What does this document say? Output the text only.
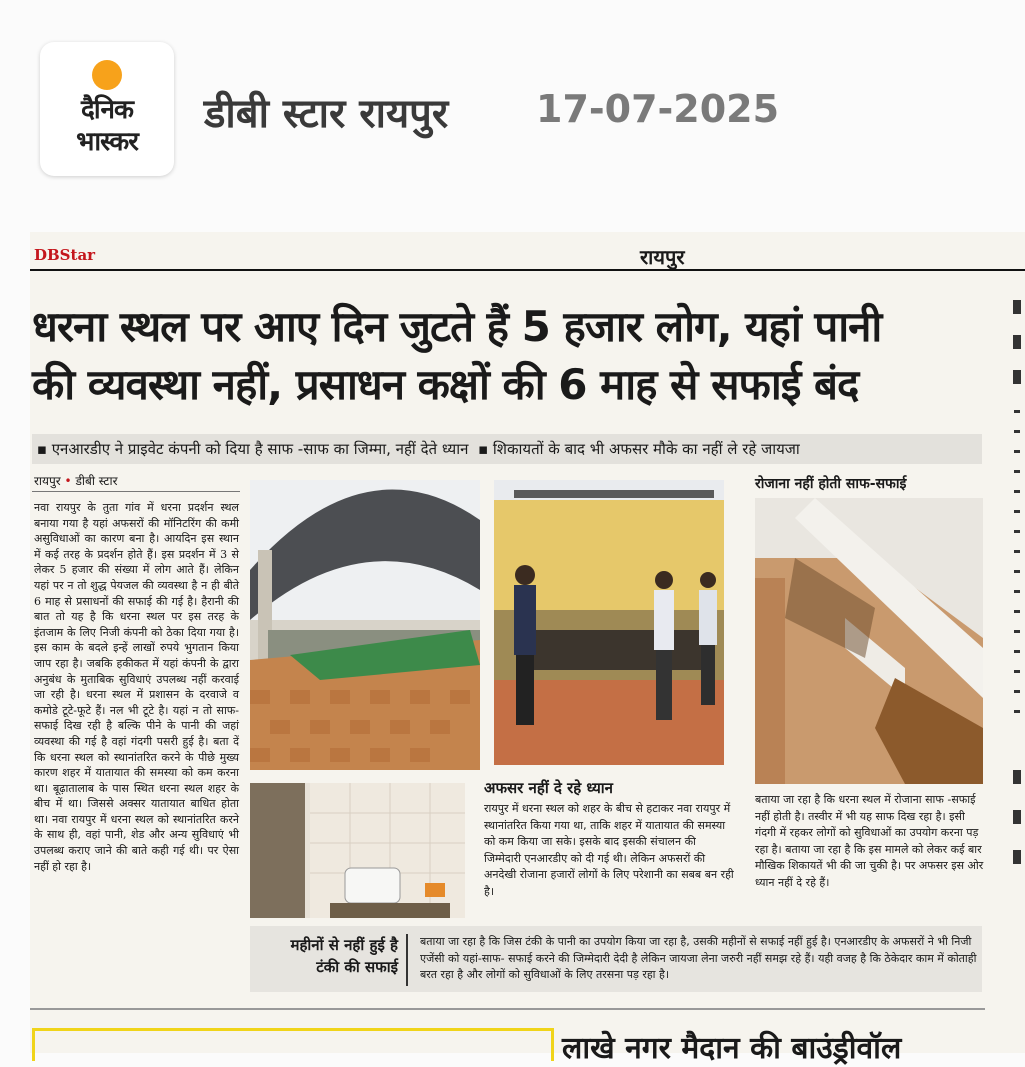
दैनिक
भास्कर
डीबी स्टार रायपुर 17-07-2025
DBStar	रायपुर
धरना स्थल पर आए दिन जुटते हैं 5 हजार लोग, यहां पानी
की व्यवस्था नहीं, प्रसाधन कक्षों की 6 माह से सफाई बंद
▪ एनआरडीए ने प्राइवेट कंपनी को दिया है साफ -साफ का जिम्मा, नहीं देते ध्यान  ▪ शिकायतों के बाद भी अफसर मौके का नहीं ले रहे जायजा
रायपुर • डीबी स्टार
नवा रायपुर के तुता गांव में धरना प्रदर्शन स्थल बनाया गया है यहां अफसरों की मॉनिटरिंग की कमी असुविधाओं का कारण बना है। आयदिन इस स्थान में कई तरह के प्रदर्शन होते हैं। इस प्रदर्शन में 3 से लेकर 5 हजार की संख्या में लोग आते हैं। लेकिन यहां पर न तो शुद्ध पेयजल की व्यवस्था है न ही बीते 6 माह से प्रसाधनों की सफाई की गई है। हैरानी की बात तो यह है कि धरना स्थल पर इस तरह के इंतजाम के लिए निजी कंपनी को ठेका दिया गया है। इस काम के बदले इन्हें लाखों रुपये भुगतान किया जाप रहा है। जबकि हकीकत में यहां कंपनी के द्वारा अनुबंध के मुताबिक सुविधाएं उपलब्ध नहीं करवाई जा रही है। धरना स्थल में प्रशासन के दरवाजे व कमोडे टूटे-फूटे हैं। नल भी टूटे है। यहां न तो साफ-सफाई दिख रही है बल्कि पीने के पानी की जहां व्यवस्था की गई है वहां गंदगी पसरी हुई है। बता दें कि धरना स्थल को स्थानांतरित करने के पीछे मुख्य कारण शहर में यातायात की समस्या को कम करना था। बूढ़ातालाब के पास स्थित धरना स्थल शहर के बीच में था। जिससे अक्सर यातायात बाधित होता था। नवा रायपुर में धरना स्थल को स्थानांतरित करने के साथ ही, वहां पानी, शेड और अन्य सुविधाएं भी उपलब्ध कराए जाने की बाते कही गई थी। पर ऐसा नहीं हो रहा है।
रोजाना नहीं होती साफ-सफाई
अफसर नहीं दे रहे ध्यान
रायपुर में धरना स्थल को शहर के बीच से हटाकर नवा रायपुर में स्थानांतरित किया गया था, ताकि शहर में यातायात की समस्या को कम किया जा सके। इसके बाद इसकी संचालन की जिम्मेदारी एनआरडीए को दी गई थी। लेकिन अफसरों की अनदेखी रोजाना हजारों लोगों के लिए परेशानी का सबब बन रही है।
बताया जा रहा है कि धरना स्थल में रोजाना साफ -सफाई नहीं होती है। तस्वीर में भी यह साफ दिख रहा है। इसी गंदगी में रहकर लोगों को सुविधाओं का उपयोग करना पड़ रहा है। बताया जा रहा है कि इस मामले को लेकर कई बार मौखिक शिकायतें भी की जा चुकी है। पर अफसर इस ओर ध्यान नहीं दे रहे हैं।
महीनों से नहीं हुई है
टंकी की सफाई
बताया जा रहा है कि जिस टंकी के पानी का उपयोग किया जा रहा है, उसकी महीनों से सफाई नहीं हुई है। एनआरडीए के अफसरों ने भी निजी एजेंसी को यहां-साफ- सफाई करने की जिम्मेदारी देदी है लेकिन जायजा लेना जरुरी नहीं समझ रहे हैं। यही वजह है कि ठेकेदार काम में कोताही बरत रहा है और लोगों को सुविधाओं के लिए तरसना पड़ रहा है।
लाखे नगर मैदान की बाउंड्रीवॉल
